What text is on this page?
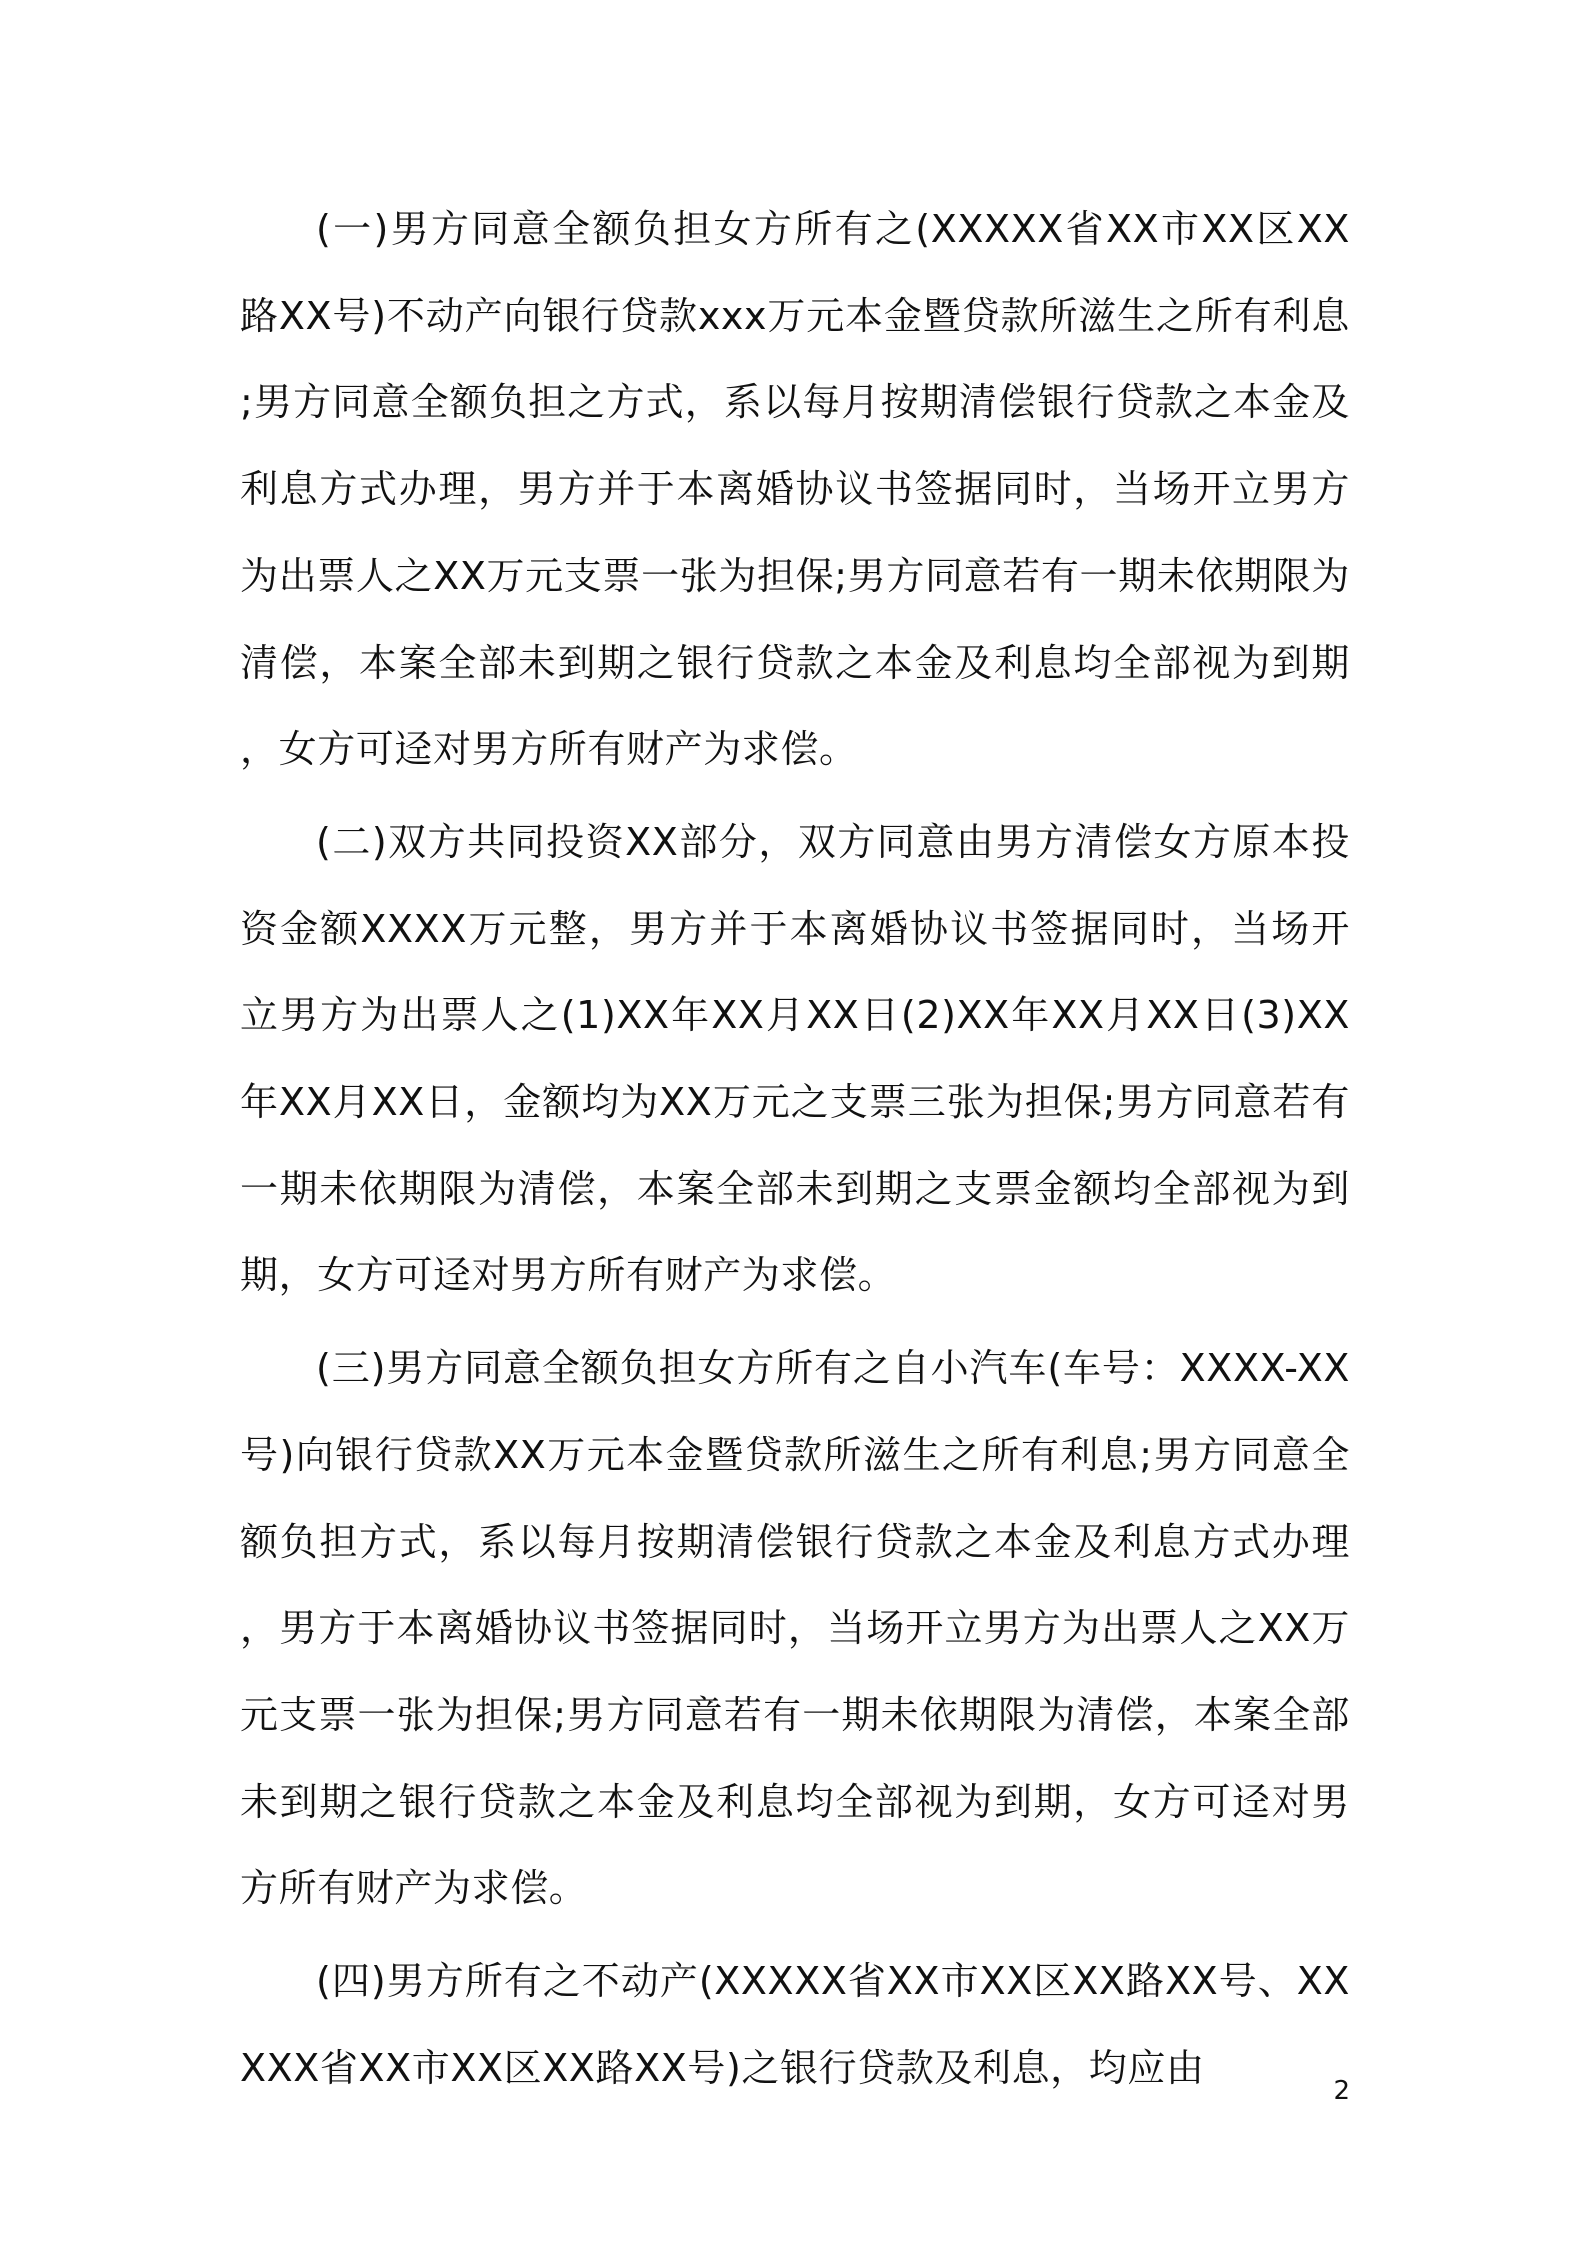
(一)男方同意全额负担女方所有之(XXXXX省XX市XX区XX路XX号)不动产向银行贷款xxx万元本金暨贷款所滋生之所有利息;男方同意全额负担之方式，系以每月按期清偿银行贷款之本金及利息方式办理，男方并于本离婚协议书签据同时，当场开立男方为出票人之XX万元支票一张为担保;男方同意若有一期未依期限为清偿，本案全部未到期之银行贷款之本金及利息均全部视为到期，女方可迳对男方所有财产为求偿。

(二)双方共同投资XX部分，双方同意由男方清偿女方原本投资金额XXXX万元整，男方并于本离婚协议书签据同时，当场开立男方为出票人之(1)XX年XX月XX日(2)XX年XX月XX日(3)XX年XX月XX日，金额均为XX万元之支票三张为担保;男方同意若有一期未依期限为清偿，本案全部未到期之支票金额均全部视为到期，女方可迳对男方所有财产为求偿。

(三)男方同意全额负担女方所有之自小汽车(车号：XXXX-XX号)向银行贷款XX万元本金暨贷款所滋生之所有利息;男方同意全额负担方式，系以每月按期清偿银行贷款之本金及利息方式办理，男方于本离婚协议书签据同时，当场开立男方为出票人之XX万元支票一张为担保;男方同意若有一期未依期限为清偿，本案全部未到期之银行贷款之本金及利息均全部视为到期，女方可迳对男方所有财产为求偿。

(四)男方所有之不动产(XXXXX省XX市XX区XX路XX号、XXXXX省XX市XX区XX路XX号)之银行贷款及利息，均应由

2
